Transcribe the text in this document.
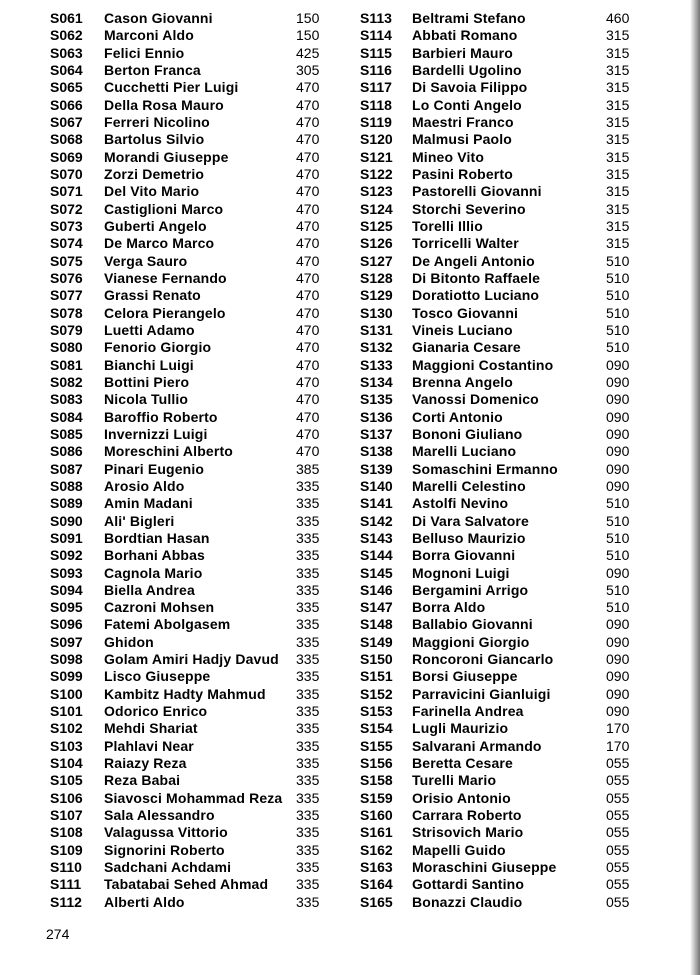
S061 Cason Giovanni	150
S062 Marconi Aldo	150
S063 Felici Ennio	425
S064 Berton Franca	305
S065 Cucchetti Pier Luigi	470
S066 Della Rosa Mauro	470
S067 Ferreri Nicolino	470
S068 Bartolus Silvio	470
S069 Morandi Giuseppe	470
S070 Zorzi Demetrio	470
S071 Del Vito Mario	470
S072 Castiglioni Marco	470
S073 Guberti Angelo	470
S074 De Marco Marco	470
S075 Verga Sauro	470
S076 Vianese Fernando	470
S077 Grassi Renato	470
S078 Celora Pierangelo	470
S079 Luetti Adamo	470
S080 Fenorio Giorgio	470
S081 Bianchi Luigi	470
S082 Bottini Piero	470
S083 Nicola Tullio	470
S084 Baroffio Roberto	470
S085 Invernizzi Luigi	470
S086 Moreschini Alberto	470
S087 Pinari Eugenio	385
S088 Arosio Aldo	335
S089 Amin Madani	335
S090 Ali' Bigleri	335
S091 Bordtian Hasan	335
S092 Borhani Abbas	335
S093 Cagnola Mario	335
S094 Biella Andrea	335
S095 Cazroni Mohsen	335
S096 Fatemi Abolgasem	335
S097 Ghidon	335
S098 Golam Amiri Hadjy Davud 335
S099 Lisco Giuseppe	335
S100 Kambitz Hadty Mahmud 335
S101 Odorico Enrico	335
S102 Mehdi Shariat	335
S103 Plahlavi Near	335
S104 Raiazy Reza	335
S105 Reza Babai	335
S106 Siavosci Mohammad Reza 335
S107 Sala Alessandro	335
S108 Valagussa Vittorio	335
S109 Signorini Roberto	335
S110 Sadchani Achdami	335
S111 Tabatabai Sehed Ahmad 335
S112 Alberti Aldo	335
S113 Beltrami Stefano	460
S114 Abbati Romano	315
S115 Barbieri Mauro	315
S116 Bardelli Ugolino	315
S117 Di Savoia Filippo	315
S118 Lo Conti Angelo	315
S119 Maestri Franco	315
S120 Malmusi Paolo	315
S121 Mineo Vito	315
S122 Pasini Roberto	315
S123 Pastorelli Giovanni	315
S124 Storchi Severino	315
S125 Torelli Illio	315
S126 Torricelli Walter	315
S127 De Angeli Antonio	510
S128 Di Bitonto Raffaele	510
S129 Doratiotto Luciano	510
S130 Tosco Giovanni	510
S131 Vineis Luciano	510
S132 Gianaria Cesare	510
S133 Maggioni Costantino	090
S134 Brenna Angelo	090
S135 Vanossi Domenico	090
S136 Corti Antonio	090
S137 Bononi Giuliano	090
S138 Marelli Luciano	090
S139 Somaschini Ermanno	090
S140 Marelli Celestino	090
S141 Astolfi Nevino	510
S142 Di Vara Salvatore	510
S143 Belluso Maurizio	510
S144 Borra Giovanni	510
S145 Mognoni Luigi	090
S146 Bergamini Arrigo	510
S147 Borra Aldo	510
S148 Ballabio Giovanni	090
S149 Maggioni Giorgio	090
S150 Roncoroni Giancarlo	090
S151 Borsi Giuseppe	090
S152 Parravicini Gianluigi	090
S153 Farinella Andrea	090
S154 Lugli Maurizio	170
S155 Salvarani Armando	170
S156 Beretta Cesare	055
S158 Turelli Mario	055
S159 Orisio Antonio	055
S160 Carrara Roberto	055
S161 Strisovich Mario	055
S162 Mapelli Guido	055
S163 Moraschini Giuseppe	055
S164 Gottardi Santino	055
S165 Bonazzi Claudio	055
274
